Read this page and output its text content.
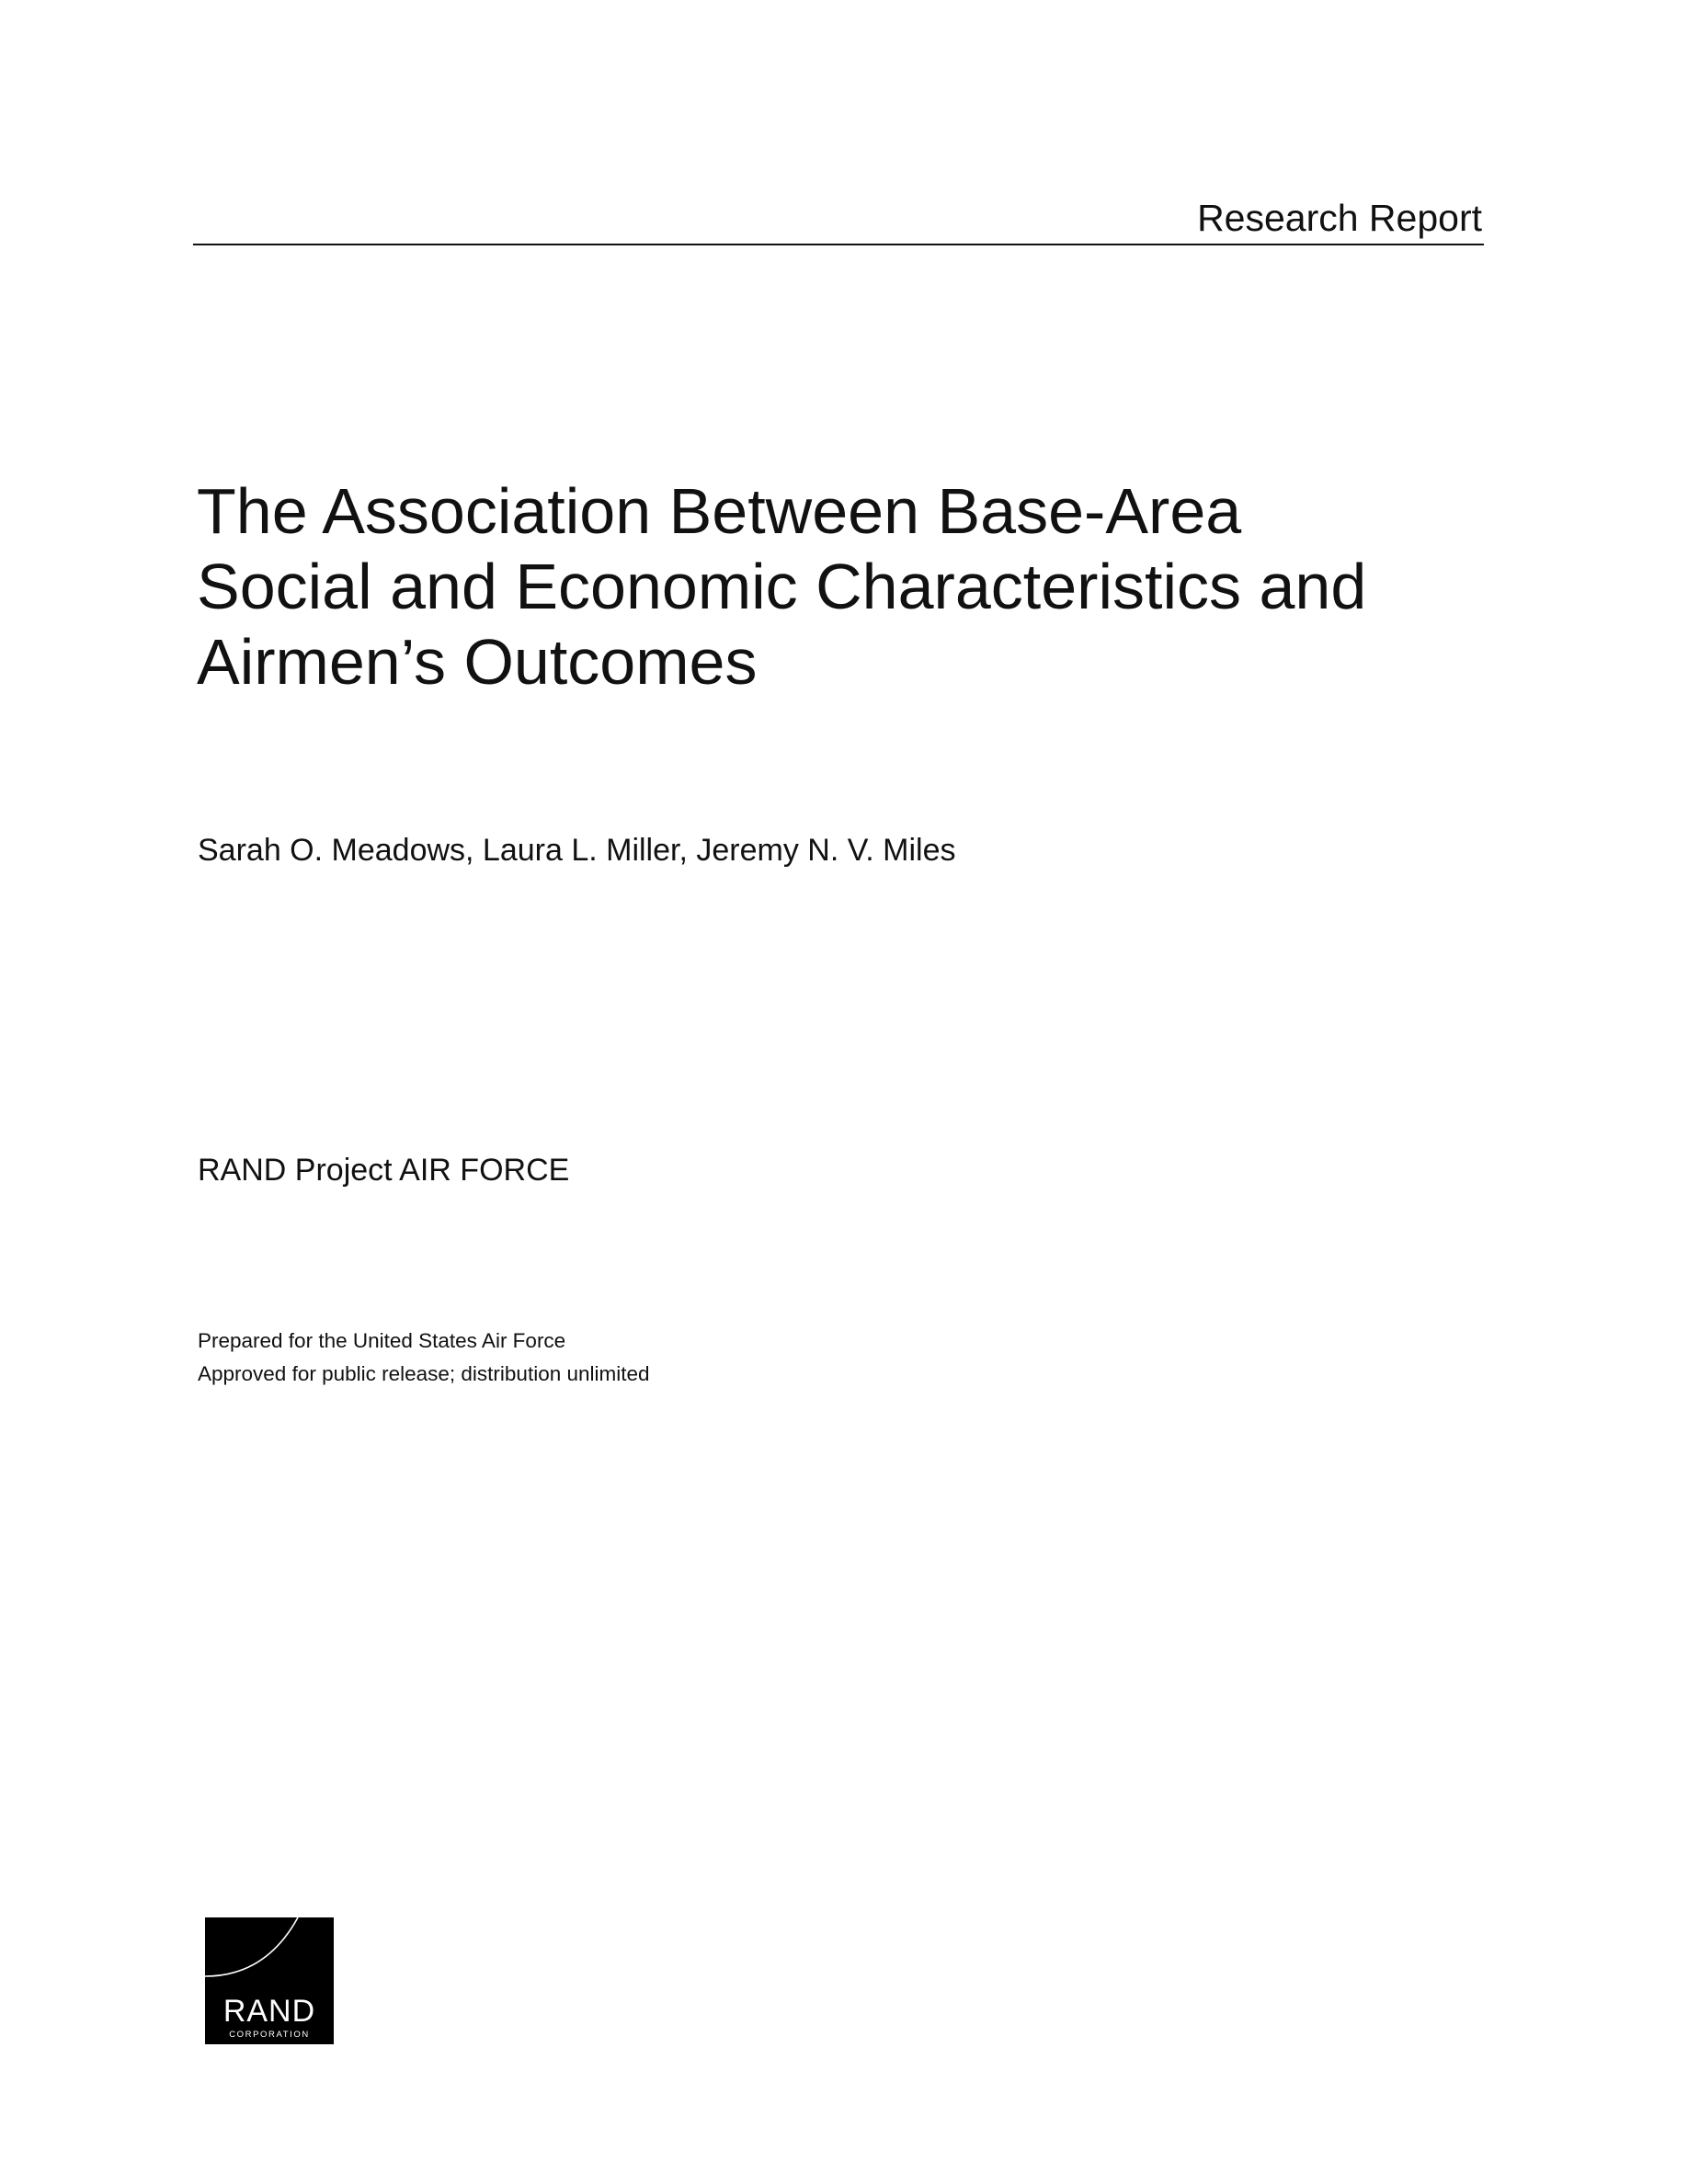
Research Report
The Association Between Base-Area
Social and Economic Characteristics and
Airmen’s Outcomes
Sarah O. Meadows, Laura L. Miller, Jeremy N. V. Miles
RAND Project AIR FORCE
Prepared for the United States Air Force
Approved for public release; distribution unlimited
RAND
CORPORATION
